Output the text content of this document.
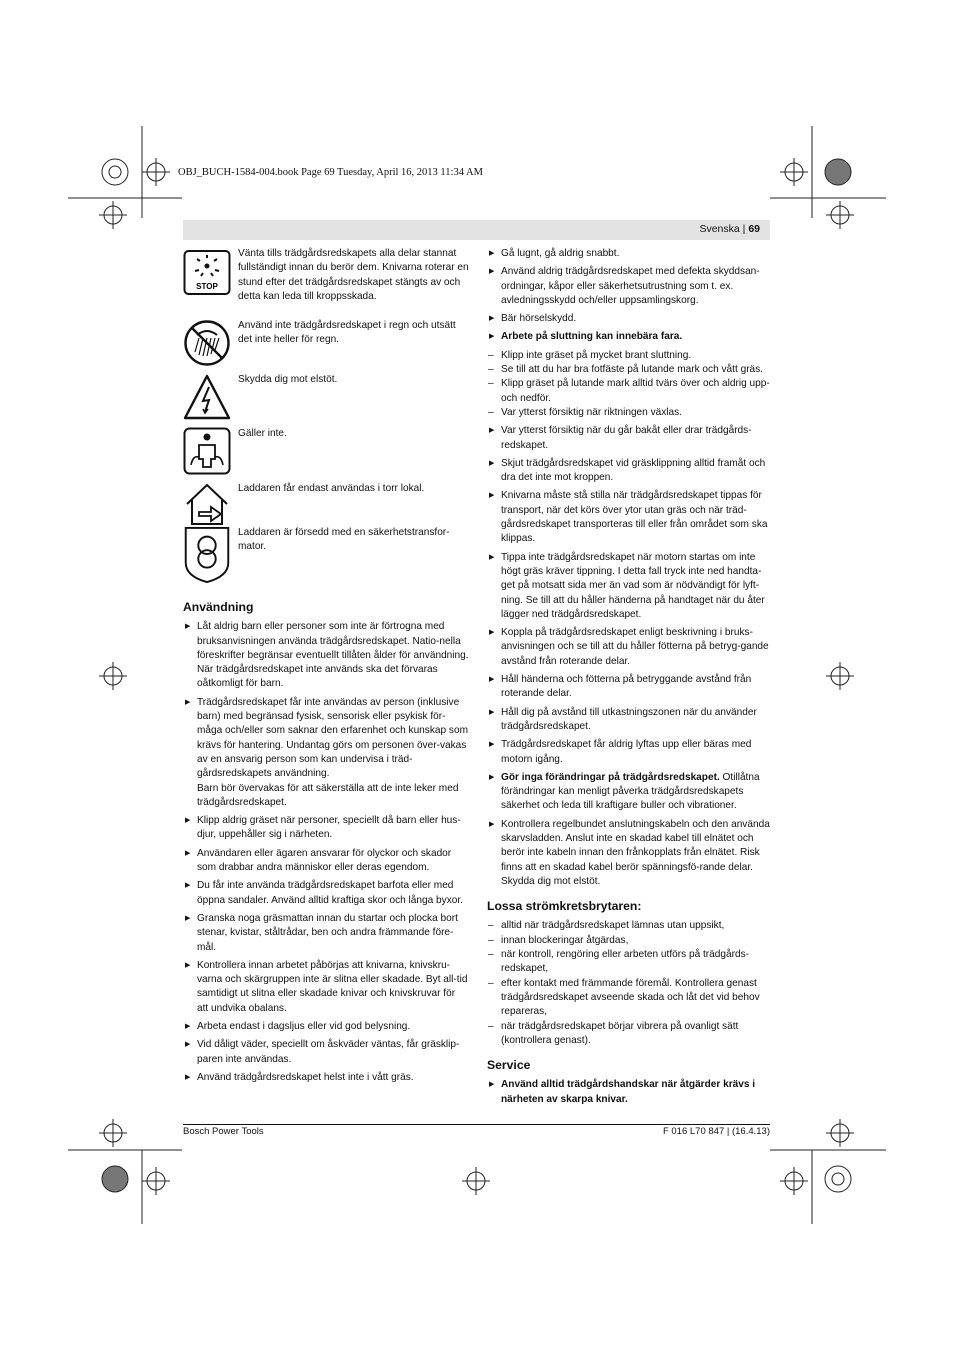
OBJ_BUCH-1584-004.book Page 69 Tuesday, April 16, 2013 11:34 AM
Svenska | 69
STOP
Vänta tills trädgårdsredskapets alla delar stannat fullständigt innan du berör dem. Knivarna roterar en stund efter det trädgårdsredskapet stängts av och detta kan leda till kroppsskada.
Använd inte trädgårdsredskapet i regn och utsätt det inte heller för regn.
Skydda dig mot elstöt.
Gäller inte.
Laddaren får endast användas i torr lokal.
Laddaren är försedd med en säkerhetstransfor-mator.
Användning
▶ Låt aldrig barn eller personer som inte är förtrogna med bruksanvisningen använda trädgårdsredskapet. Natio-nella föreskrifter begränsar eventuellt tillåten ålder för användning. När trädgårdsredskapet inte används ska det förvaras oåtkomligt för barn.
▶ Trädgårdsredskapet får inte användas av person (inklusive barn) med begränsad fysisk, sensorisk eller psykisk för-måga och/eller som saknar den erfarenhet och kunskap som krävs för hantering. Undantag görs om personen över-vakas av en ansvarig person som kan undervisa i träd-gårdsredskapets användning.
Barn bör övervakas för att säkerställa att de inte leker med trädgårdsredskapet.
▶ Klipp aldrig gräset när personer, speciellt då barn eller hus-djur, uppehåller sig i närheten.
▶ Användaren eller ägaren ansvarar för olyckor och skador som drabbar andra människor eller deras egendom.
▶ Du får inte använda trädgårdsredskapet barfota eller med öppna sandaler. Använd alltid kraftiga skor och långa byxor.
▶ Granska noga gräsmattan innan du startar och plocka bort stenar, kvistar, ståltrådar, ben och andra främmande före-mål.
▶ Kontrollera innan arbetet påbörjas att knivarna, knivskru-varna och skärgruppen inte är slitna eller skadade. Byt all-tid samtidigt ut slitna eller skadade knivar och knivskruvar för att undvika obalans.
▶ Arbeta endast i dagsljus eller vid god belysning.
▶ Vid dåligt väder, speciellt om åskväder väntas, får gräsklip-paren inte användas.
▶ Använd trädgårdsredskapet helst inte i vått gräs.
▶ Gå lugnt, gå aldrig snabbt.
▶ Använd aldrig trädgårdsredskapet med defekta skyddsan-ordningar, kåpor eller säkerhetsutrustning som t. ex. avledningsskydd och/eller uppsamlingskorg.
▶ Bär hörselskydd.
▶ Arbete på sluttning kan innebära fara.
– Klipp inte gräset på mycket brant sluttning.
– Se till att du har bra fotfäste på lutande mark och vått gräs.
– Klipp gräset på lutande mark alltid tvärs över och aldrig upp- och nedför.
– Var ytterst försiktig när riktningen växlas.
▶ Var ytterst försiktig när du går bakåt eller drar trädgårds-redskapet.
▶ Skjut trädgårdsredskapet vid gräsklippning alltid framåt och dra det inte mot kroppen.
▶ Knivarna måste stå stilla när trädgårdsredskapet tippas för transport, när det körs över ytor utan gräs och när träd-gårdsredskapet transporteras till eller från området som ska klippas.
▶ Tippa inte trädgårdsredskapet när motorn startas om inte högt gräs kräver tippning. I detta fall tryck inte ned handta-get på motsatt sida mer än vad som är nödvändigt för lyft-ning. Se till att du håller händerna på handtaget när du åter lägger ned trädgårdsredskapet.
▶ Koppla på trädgårdsredskapet enligt beskrivning i bruks-anvisningen och se till att du håller fötterna på betryg-gande avstånd från roterande delar.
▶ Håll händerna och fötterna på betryggande avstånd från roterande delar.
▶ Håll dig på avstånd till utkastningszonen när du använder trädgårdsredskapet.
▶ Trädgårdsredskapet får aldrig lyftas upp eller bäras med motorn igång.
▶ Gör inga förändringar på trädgårdsredskapet. Otillåtna förändringar kan menligt påverka trädgårdsredskapets säkerhet och leda till kraftigare buller och vibrationer.
▶ Kontrollera regelbundet anslutningskabeln och den använda skarvsladden. Anslut inte en skadad kabel till elnätet och berör inte kabeln innan den frånkopplats från elnätet. Risk finns att en skadad kabel berör spänningsfö-rande delar. Skydda dig mot elstöt.
Lossa strömkretsbrytaren:
– alltid när trädgårdsredskapet lämnas utan uppsikt,
– innan blockeringar åtgärdas,
– när kontroll, rengöring eller arbeten utförs på trädgårds-redskapet,
– efter kontakt med främmande föremål. Kontrollera genast trädgårdsredskapet avseende skada och låt det vid behov repareras,
– när trädgårdsredskapet börjar vibrera på ovanligt sätt (kontrollera genast).
Service
▶ Använd alltid trädgårdshandskar när åtgärder krävs i närheten av skarpa knivar.
Bosch Power Tools	F 016 L70 847 | (16.4.13)
